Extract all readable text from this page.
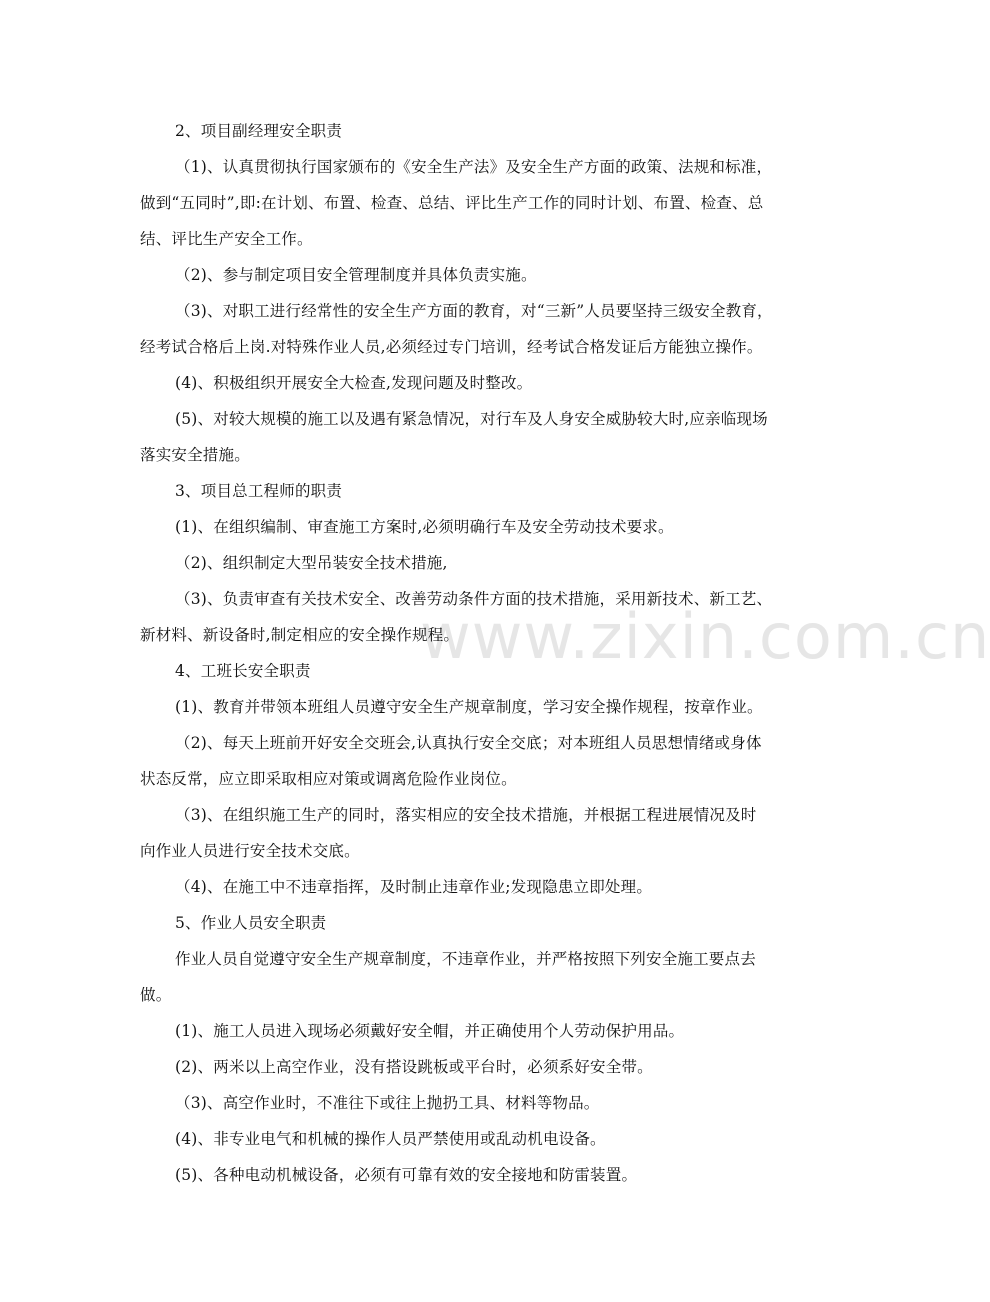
www.zixin.com.cn
2、项目副经理安全职责
（1)、认真贯彻执行国家颁布的《安全生产法》及安全生产方面的政策、法规和标准，
做到“五同时”,即:在计划、布置、检查、总结、评比生产工作的同时计划、布置、检查、总
结、评比生产安全工作。
（2)、参与制定项目安全管理制度并具体负责实施。
（3)、对职工进行经常性的安全生产方面的教育，对“三新”人员要坚持三级安全教育，
经考试合格后上岗.对特殊作业人员,必须经过专门培训，经考试合格发证后方能独立操作。
(4)、积极组织开展安全大检查,发现问题及时整改。
(5)、对较大规模的施工以及遇有紧急情况，对行车及人身安全威胁较大时,应亲临现场
落实安全措施。
3、项目总工程师的职责
(1)、在组织编制、审查施工方案时,必须明确行车及安全劳动技术要求。
（2)、组织制定大型吊装安全技术措施,
（3)、负责审查有关技术安全、改善劳动条件方面的技术措施，采用新技术、新工艺、
新材料、新设备时,制定相应的安全操作规程。
4、工班长安全职责
(1)、教育并带领本班组人员遵守安全生产规章制度，学习安全操作规程，按章作业。
（2)、每天上班前开好安全交班会,认真执行安全交底；对本班组人员思想情绪或身体
状态反常，应立即采取相应对策或调离危险作业岗位。
（3)、在组织施工生产的同时，落实相应的安全技术措施，并根据工程进展情况及时
向作业人员进行安全技术交底。
（4)、在施工中不违章指挥，及时制止违章作业;发现隐患立即处理。
5、作业人员安全职责
作业人员自觉遵守安全生产规章制度，不违章作业，并严格按照下列安全施工要点去
做。
(1)、施工人员进入现场必须戴好安全帽，并正确使用个人劳动保护用品。
(2)、两米以上高空作业，没有搭设跳板或平台时，必须系好安全带。
（3)、高空作业时，不准往下或往上抛扔工具、材料等物品。
(4)、非专业电气和机械的操作人员严禁使用或乱动机电设备。
(5)、各种电动机械设备，必须有可靠有效的安全接地和防雷装置。
